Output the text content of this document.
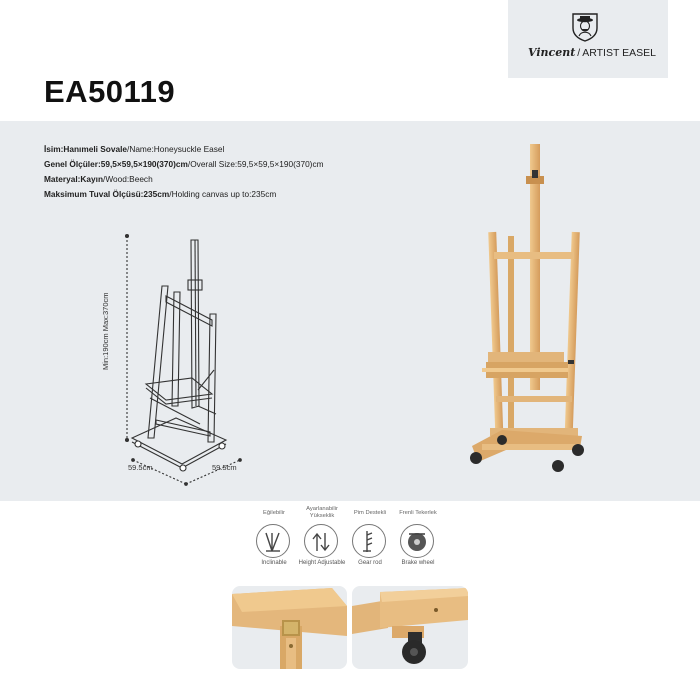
Vincent / ARTIST EASEL
EA50119
İsim:Hanımeli Sovale/Name:Honeysuckle Easel
Genel Ölçüler:59,5×59,5×190(370)cm/Overall Size:59,5×59,5×190(370)cm
Materyal:Kayın/Wood:Beech
Maksimum Tuval Ölçüsü:235cm/Holding canvas up to:235cm
Min:190cm Max:370cm
59.5cm	59.5cm
Eğilebilir
Inclinable
Ayarlanabilir
Yükseklik
Height Adjustable
Pim Destekli
Gear rod
Frenli Tekerlek
Brake wheel
